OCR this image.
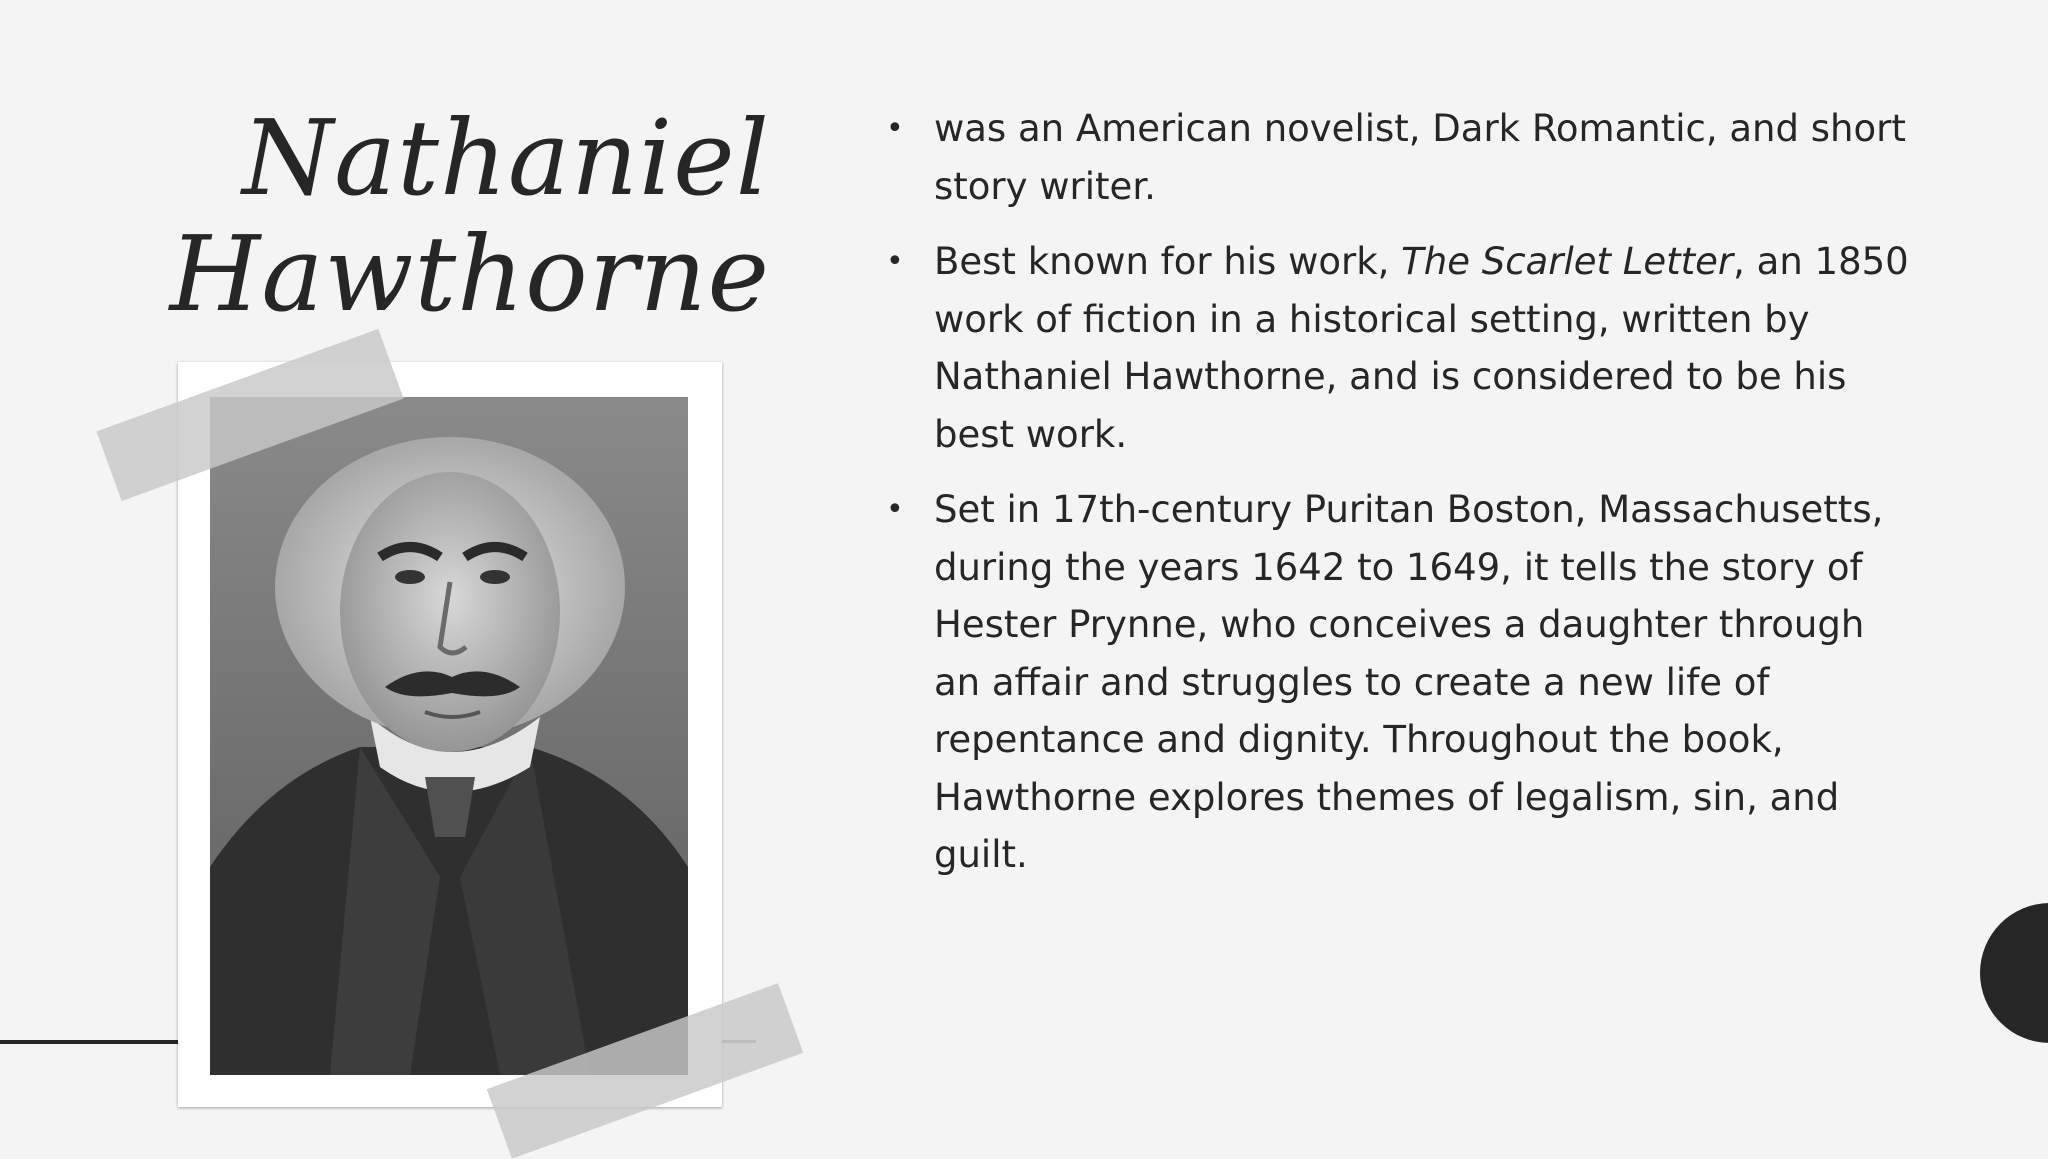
Nathaniel
Hawthorne
• was an American novelist, Dark Romantic, and short story writer.
• Best known for his work, The Scarlet Letter, an 1850 work of fiction in a historical setting, written by Nathaniel Hawthorne, and is considered to be his best work.
• Set in 17th-century Puritan Boston, Massachusetts, during the years 1642 to 1649, it tells the story of Hester Prynne, who conceives a daughter through an affair and struggles to create a new life of repentance and dignity. Throughout the book, Hawthorne explores themes of legalism, sin, and guilt.
